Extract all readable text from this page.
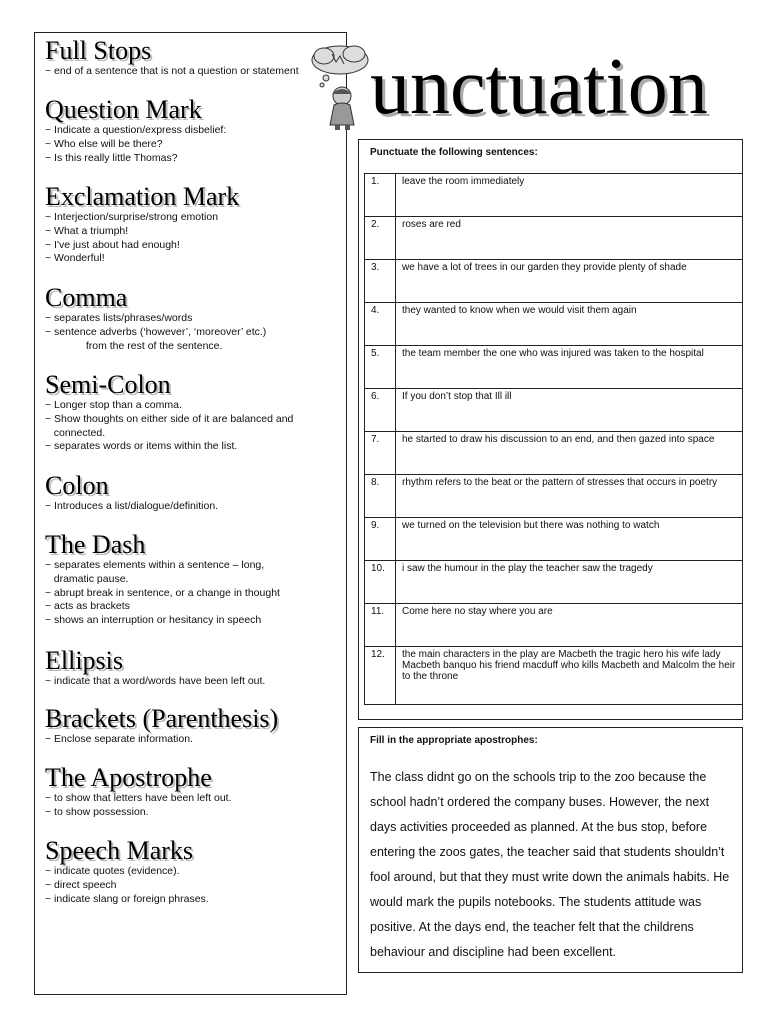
Full Stops
~ end of a sentence that is not a question or statement
Question Mark
~ Indicate a question/express disbelief:
~ Who else will be there?
~ Is this really little Thomas?
Exclamation Mark
~ Interjection/surprise/strong emotion
~ What a triumph!
~ I've just about had enough!
~ Wonderful!
Comma
~ separates lists/phrases/words
~ sentence adverbs (‘however’, ‘moreover’ etc.)
from the rest of the sentence.
Semi-Colon
~ Longer stop than a comma.
~ Show thoughts on either side of it are balanced and
connected.
~ separates words or items within the list.
Colon
~ Introduces a list/dialogue/definition.
The Dash
~ separates elements within a sentence – long,
dramatic pause.
~ abrupt break in sentence, or a change in thought
~ acts as brackets
~ shows an interruption or hesitancy in speech
Ellipsis
~ indicate that a word/words have been left out.
Brackets (Parenthesis)
~ Enclose separate information.
The Apostrophe
~ to show that letters have been left out.
~ to show possession.
Speech Marks
~ indicate quotes (evidence).
~ direct speech
~ indicate slang or foreign phrases.
unctuation
Punctuate the following sentences:
1.	leave the room immediately
2.	roses are red
3.	we have a lot of trees in our garden they provide plenty of shade
4.	they wanted to know when we would visit them again
5.	the team member the one who was injured was taken to the hospital
6.	If you don’t stop that Ill ill
7.	he started to draw his discussion to an end, and then gazed into space
8.	rhythm refers to the beat or the pattern of stresses that occurs in poetry
9.	we turned on the television but there was nothing to watch
10.	i saw the humour in the play the teacher saw the tragedy
11.	Come here no stay where you are
12.	the main characters in the play are Macbeth the tragic hero his wife lady Macbeth banquo his friend macduff who kills Macbeth and Malcolm the heir to the throne
Fill in the appropriate apostrophes:
The class didnt go on the schools trip to the zoo because the school hadn’t ordered the company buses. However, the next days activities proceeded as planned. At the bus stop, before entering the zoos gates, the teacher said that students shouldn’t fool around, but that they must write down the animals habits. He would mark the pupils notebooks. The students attitude was positive. At the days end, the teacher felt that the childrens behaviour and discipline had been excellent.
